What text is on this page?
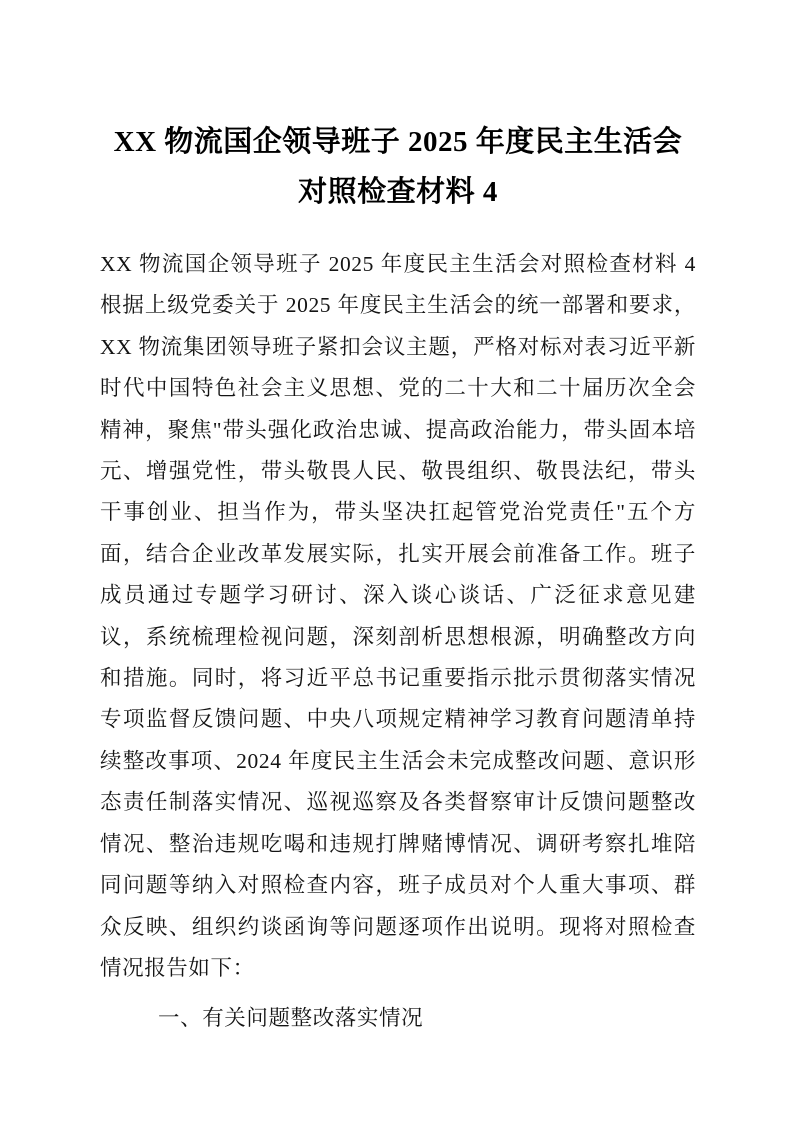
XX 物流国企领导班子 2025 年度民主生活会
对照检查材料 4

XX 物流国企领导班子 2025 年度民主生活会对照检查材料 4根据上级党委关于 2025 年度民主生活会的统一部署和要求，XX 物流集团领导班子紧扣会议主题，严格对标对表习近平新时代中国特色社会主义思想、党的二十大和二十届历次全会精神，聚焦"带头强化政治忠诚、提高政治能力，带头固本培元、增强党性，带头敬畏人民、敬畏组织、敬畏法纪，带头干事创业、担当作为，带头坚决扛起管党治党责任"五个方面，结合企业改革发展实际，扎实开展会前准备工作。班子成员通过专题学习研讨、深入谈心谈话、广泛征求意见建议，系统梳理检视问题，深刻剖析思想根源，明确整改方向和措施。同时，将习近平总书记重要指示批示贯彻落实情况专项监督反馈问题、中央八项规定精神学习教育问题清单持续整改事项、2024 年度民主生活会未完成整改问题、意识形态责任制落实情况、巡视巡察及各类督察审计反馈问题整改情况、整治违规吃喝和违规打牌赌博情况、调研考察扎堆陪同问题等纳入对照检查内容，班子成员对个人重大事项、群众反映、组织约谈函询等问题逐项作出说明。现将对照检查情况报告如下：

一、有关问题整改落实情况
